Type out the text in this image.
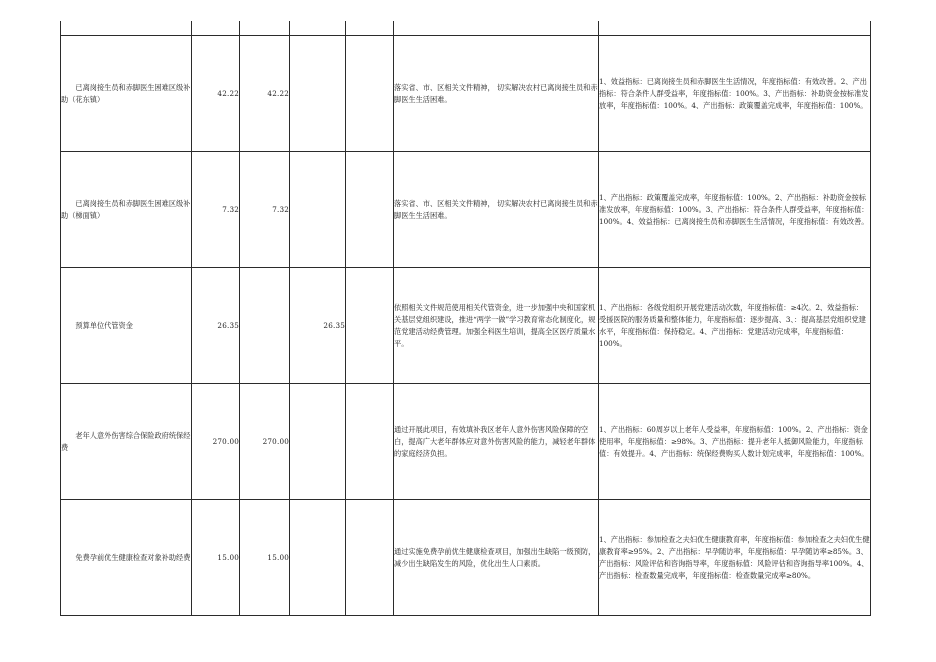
已离岗接生员和赤脚医生困难区级补助（花东镇）	42.22	42.22			落实省、市、区相关文件精神， 切实解决农村已离岗接生员和赤脚医生生活困难。	1、效益指标：已离岗接生员和赤脚医生生活情况，年度指标值：有效改善。2、产出指标：符合条件人群受益率，年度指标值：100%。3、产出指标：补助资金按标准发放率，年度指标值：100%。4、产出指标：政策覆盖完成率，年度指标值：100%。

已离岗接生员和赤脚医生困难区级补助（梯面镇）	7.32	7.32			落实省、市、区相关文件精神， 切实解决农村已离岗接生员和赤脚医生生活困难。	1、产出指标：政策覆盖完成率，年度指标值：100%。2、产出指标：补助资金按标准发放率，年度指标值：100%。3、产出指标：符合条件人群受益率，年度指标值：100%。4、效益指标：已离岗接生员和赤脚医生生活情况，年度指标值：有效改善。

预算单位代管资金	26.35		26.35		依照相关文件规范使用相关代管资金，进一步加强中央和国家机关基层党组织建设，推进“两学一做”学习教育常态化制度化，规范党建活动经费管理。加强全科医生培训，提高全区医疗质量水平。	1、产出指标：各级党组织开展党建活动次数，年度指标值：≥4次。2、效益指标：受援医院的服务质量和整体能力，年度指标值：逐步提高、3、：提高基层党组织党建水平，年度指标值：保持稳定。4、产出指标：党建活动完成率，年度指标值：100%。

老年人意外伤害综合保险政府统保经费	270.00	270.00			通过开展此项目，有效填补我区老年人意外伤害风险保障的空白，提高广大老年群体应对意外伤害风险的能力，减轻老年群体的家庭经济负担。	1、产出指标：60周岁以上老年人受益率，年度指标值：100%。2、产出指标：资金使用率，年度指标值：≥98%。3、产出指标：提升老年人抵御风险能力，年度指标值：有效提升。4、产出指标：统保经费购买人数计划完成率，年度指标值：100%。

免费孕前优生健康检查对象补助经费	15.00	15.00			通过实施免费孕前优生健康检查项目，加强出生缺陷一级预防，减少出生缺陷发生的风险，优化出生人口素质。	1、产出指标：参加检查之夫妇优生健康教育率，年度指标值：参加检查之夫妇优生健康教育率≥95%。2、产出指标：早孕随访率，年度指标值：早孕随访率≥85%。3、产出指标：风险评估和咨询指导率，年度指标值：风险评估和咨询指导率100%。4、产出指标：检查数量完成率，年度指标值：检查数量完成率≥80%。
